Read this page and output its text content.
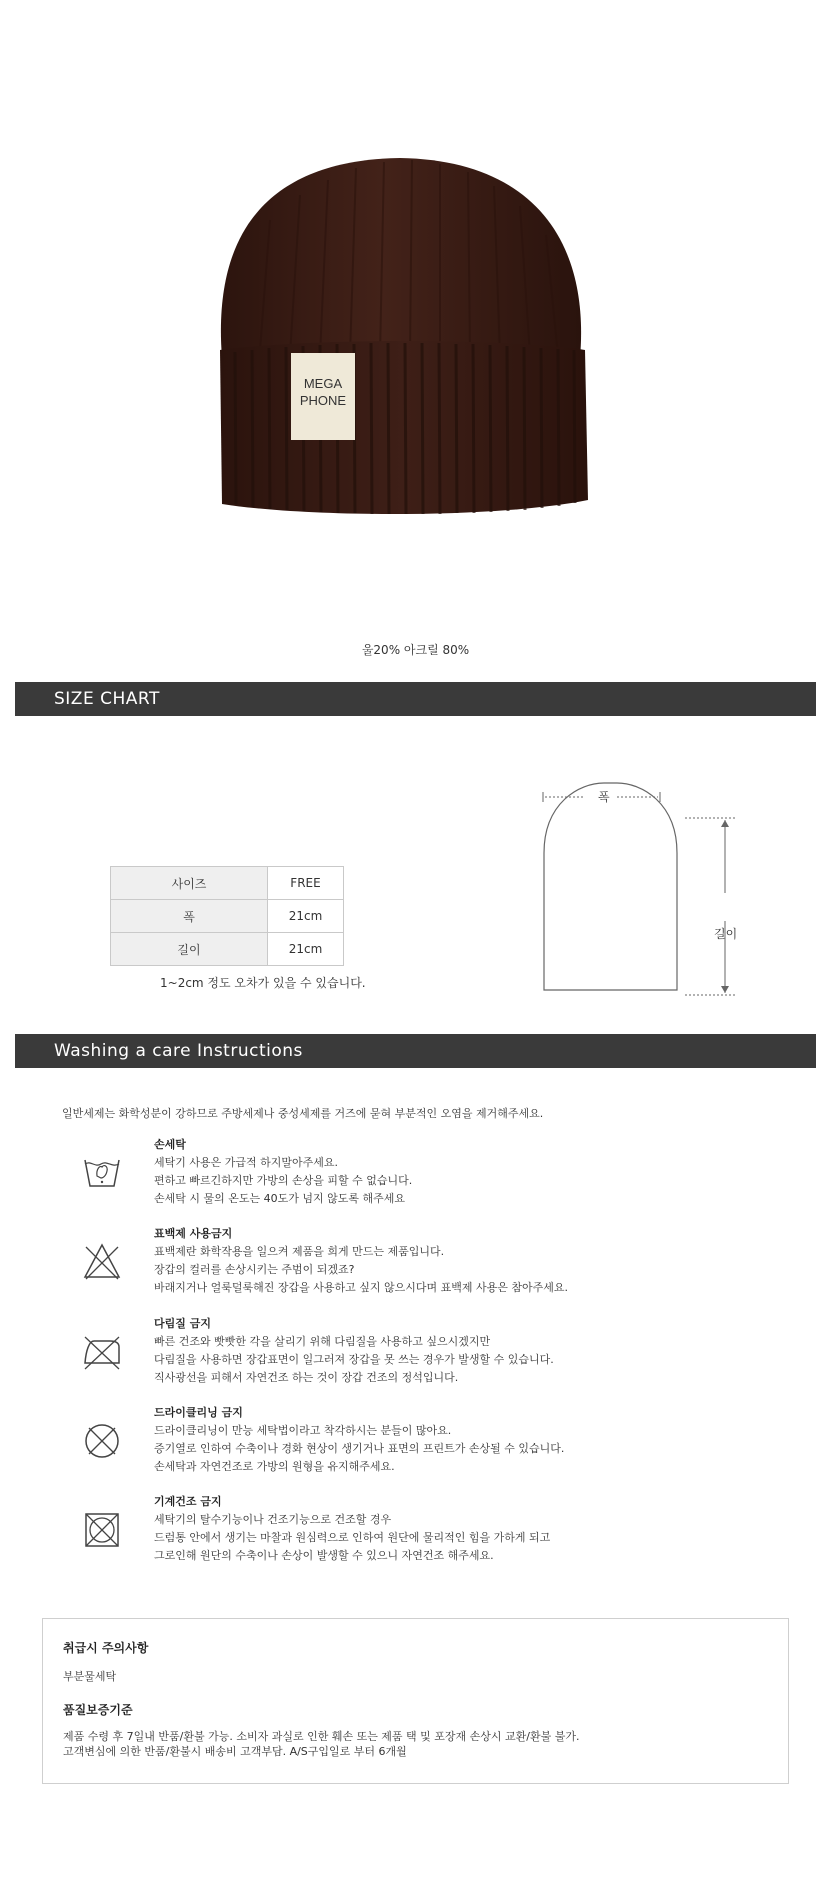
MEGA
PHONE
울20% 아크릴 80%
SIZE CHART
사이즈	FREE
폭	21cm
길이	21cm
1~2cm 정도 오차가 있을 수 있습니다.
폭
길이
Washing a care Instructions
일반세제는 화학성분이 강하므로 주방세제나 중성세제를 거즈에 묻혀 부분적인 오염을 제거해주세요.
손세탁
세탁기 사용은 가급적 하지말아주세요.
편하고 빠르긴하지만 가방의 손상을 피할 수 없습니다.
손세탁 시 물의 온도는 40도가 넘지 않도록 해주세요
표백제 사용금지
표백제란 화학작용을 일으켜 제품을 희게 만드는 제품입니다.
장갑의 컬러를 손상시키는 주범이 되겠죠?
바래지거나 얼룩덜룩해진 장갑을 사용하고 싶지 않으시다며 표백제 사용은 참아주세요.
다림질 금지
빠른 건조와 빳빳한 각을 살리기 위해 다림질을 사용하고 싶으시겠지만
다림질을 사용하면 장갑표면이 일그러져 장갑을 못 쓰는 경우가 발생할 수 있습니다.
직사광선을 피해서 자연건조 하는 것이 장갑 건조의 정석입니다.
드라이클리닝 금지
드라이클리닝이 만능 세탁법이라고 착각하시는 분들이 많아요.
증기열로 인하여 수축이나 경화 현상이 생기거나 표면의 프린트가 손상될 수 있습니다.
손세탁과 자연건조로 가방의 원형을 유지해주세요.
기계건조 금지
세탁기의 탈수기능이나 건조기능으로 건조할 경우
드럼통 안에서 생기는 마찰과 원심력으로 인하여 원단에 물리적인 힘을 가하게 되고
그로인해 원단의 수축이나 손상이 발생할 수 있으니 자연건조 해주세요.
취급시 주의사항
부분물세탁
품질보증기준
제품 수령 후 7일내 반품/환불 가능. 소비자 과실로 인한 훼손 또는 제품 택 및 포장재 손상시 교환/환불 불가.
고객변심에 의한 반품/환불시 배송비 고객부담. A/S구입일로 부터 6개월
